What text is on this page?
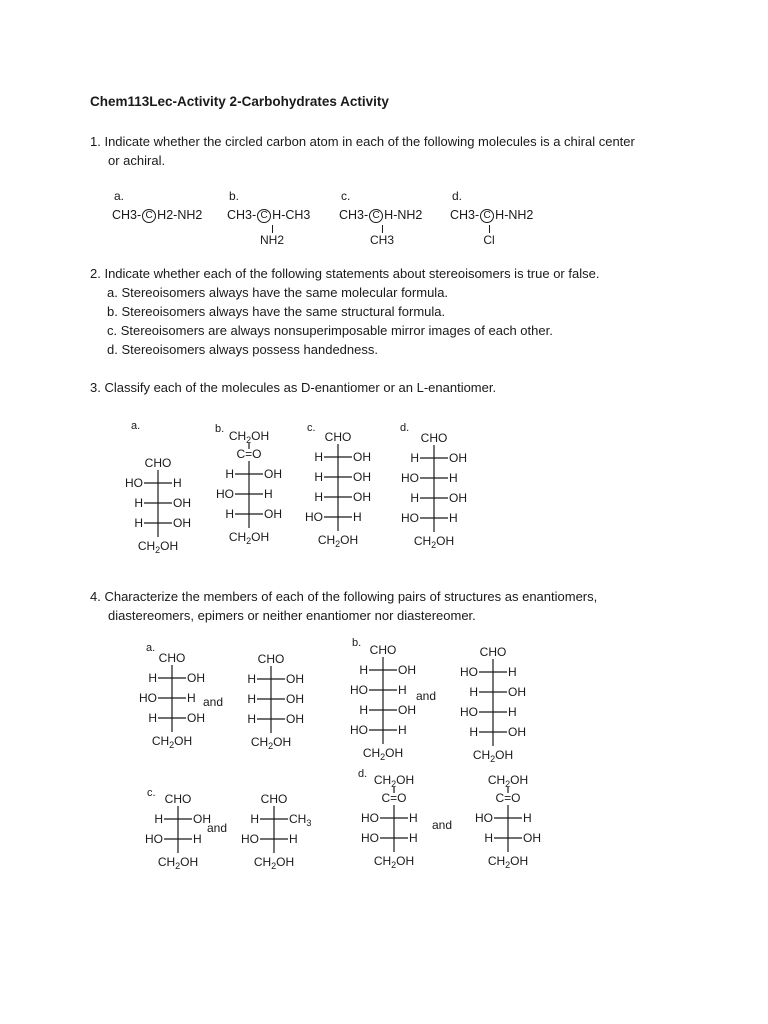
Chem113Lec-Activity 2-Carbohydrates Activity
1. Indicate whether the circled carbon atom in each of the following molecules is a chiral center
or achiral.
a.
CH3- C H2-NH2
b.
CH3- C H-CH3
NH2
c.
CH3- C H-NH2
CH3
d.
CH3- C H-NH2
Cl
2. Indicate whether each of the following statements about stereoisomers is true or false.
a. Stereoisomers always have the same molecular formula.
b. Stereoisomers always have the same structural formula.
c. Stereoisomers are always nonsuperimposable mirror images of each other.
d. Stereoisomers always possess handedness.
3. Classify each of the molecules as D-enantiomer or an L-enantiomer.
a.	b.	c.	d.
CHO
HO	H
H	OH
H	OH
CH2OH
CH2OH
C=O
H	OH
HO	H
H	OH
CH2OH
CHO
H	OH
H	OH
H	OH
HO	H
CH2OH
CHO
H	OH
HO	H
H	OH
HO	H
CH2OH
4. Characterize the members of each of the following pairs of structures as enantiomers,
diastereomers, epimers or neither enantiomer nor diastereomer.
a.
CHO
H	OH
HO	H
H	OH
CH2OH
and
CHO
H	OH
H	OH
H	OH
CH2OH
b. CHO
H	OH
HO	H
H	OH
HO	H
CH2OH
and
CHO
HO	H
H	OH
HO	H
H	OH
CH2OH
c. CHO
H	OH
HO	H
CH2OH
and
CHO
H	CH3
HO	H
CH2OH
d. CH2OH
C=O
HO	H
HO	H
CH2OH
and
CH2OH
C=O
HO	H
H	OH
CH2OH
